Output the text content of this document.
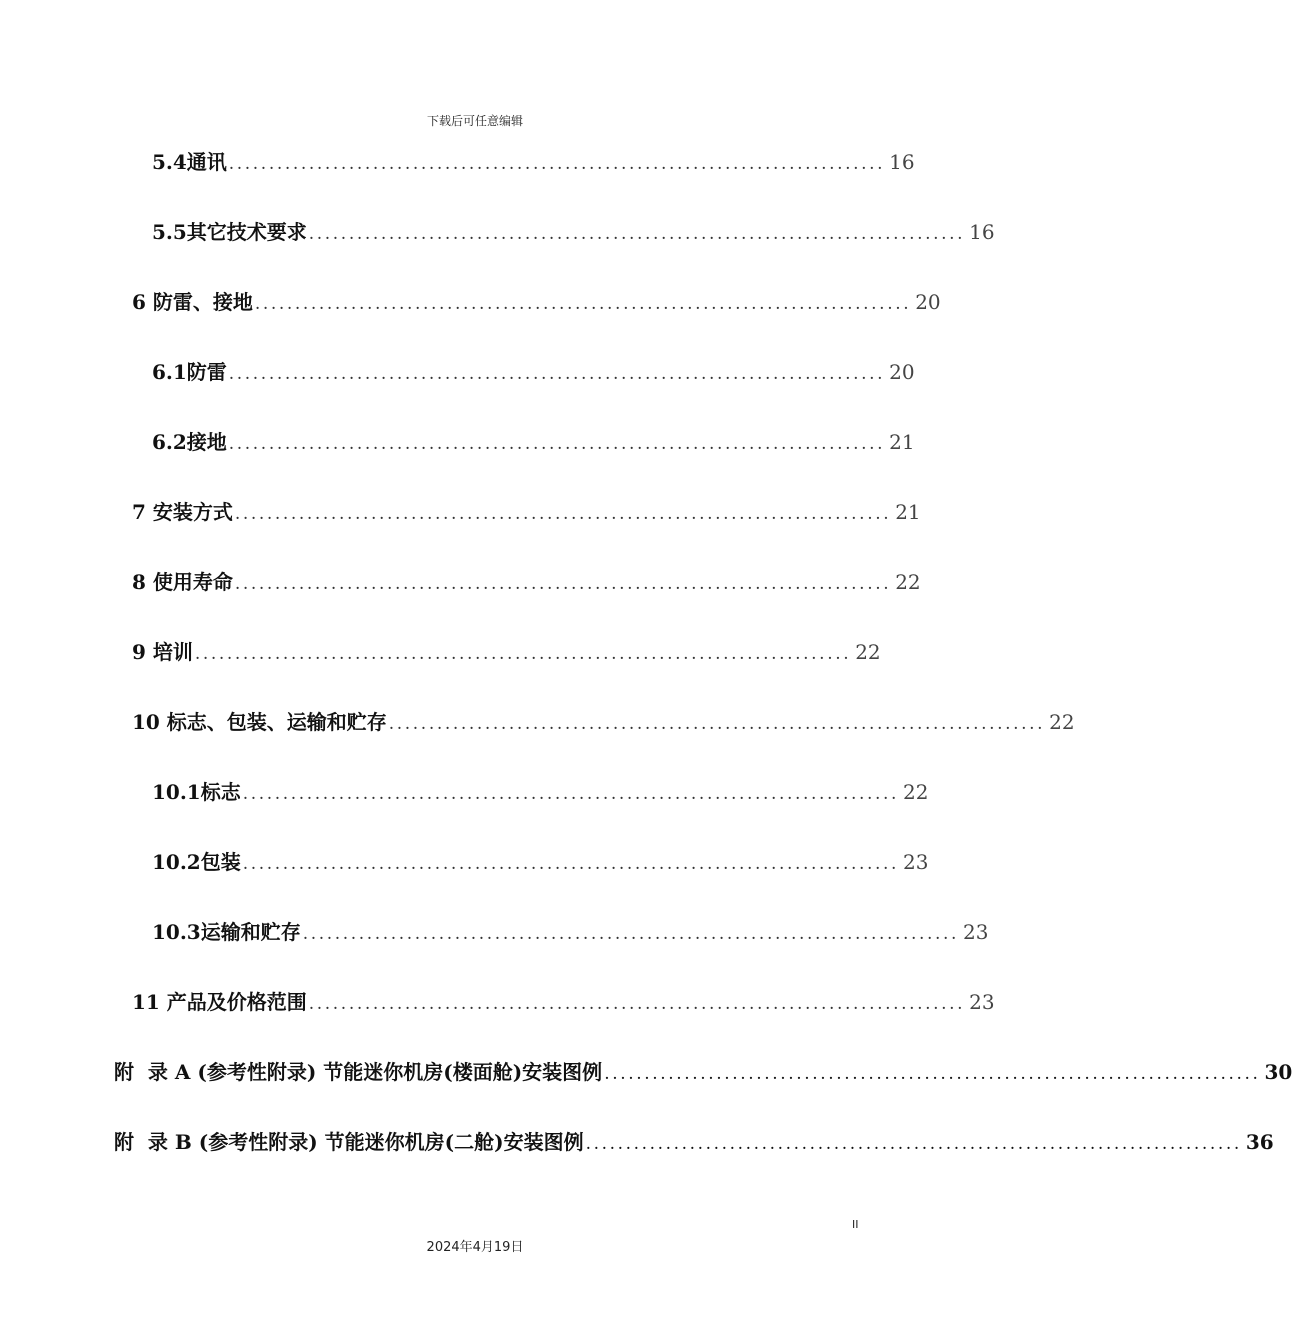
下载后可任意编辑
5.4通讯 .................................................................................. 16
5.5其它技术要求 .................................................................................. 16
6 防雷、接地 .................................................................................. 20
6.1防雷 .................................................................................. 20
6.2接地 .................................................................................. 21
7 安装方式 .................................................................................. 21
8 使用寿命 .................................................................................. 22
9 培训 .................................................................................. 22
10 标志、包装、运输和贮存 .................................................................................. 22
10.1标志 .................................................................................. 22
10.2包装 .................................................................................. 23
10.3运输和贮存 .................................................................................. 23
11 产品及价格范围 .................................................................................. 23
附  录 A (参考性附录) 节能迷你机房(楼面舱)安装图例 .................................................................................. 30
附  录 B (参考性附录) 节能迷你机房(二舱)安装图例 .................................................................................. 36
II
2024年4月19日
